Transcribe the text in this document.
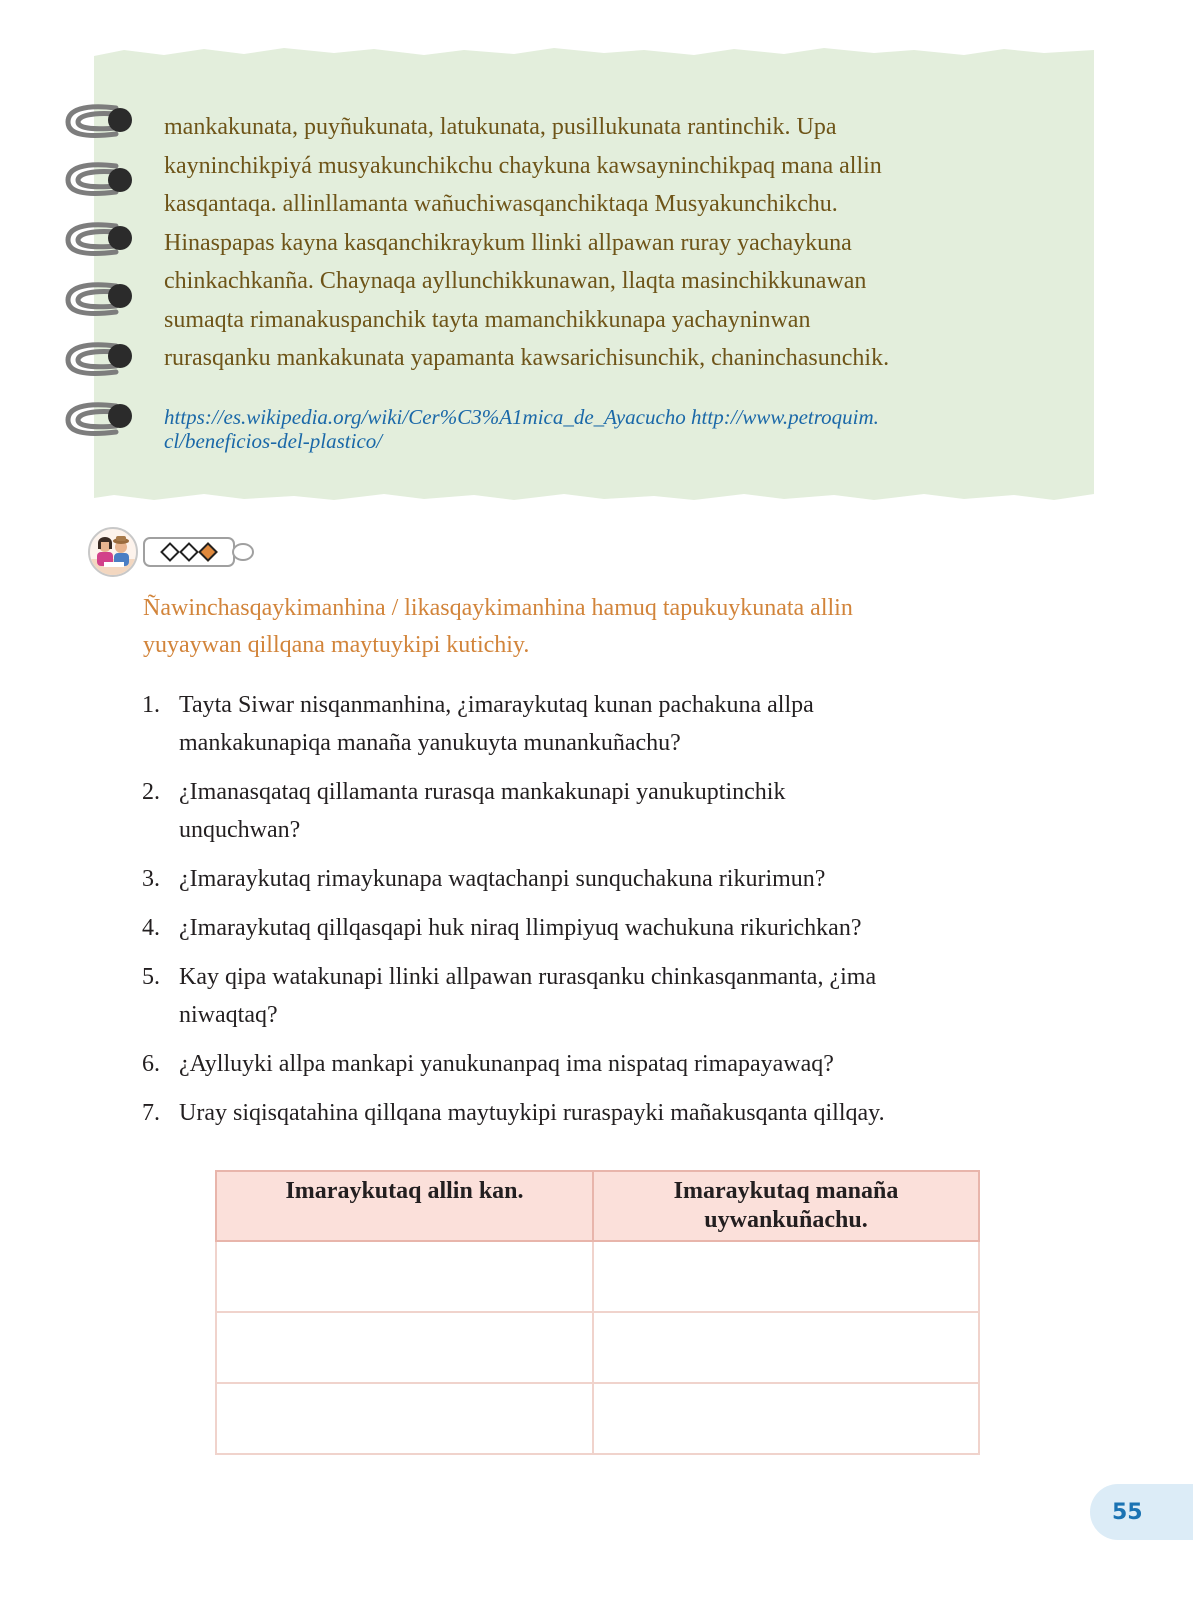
mankakunata, puyñukunata, latukunata, pusillukunata rantinchik. Upa
kayninchikpiyá musyakunchikchu chaykuna kawsayninchikpaq mana allin
kasqantaqa. allinllamanta wañuchiwasqanchiktaqa Musyakunchikchu.
Hinaspapas kayna kasqanchikraykum llinki allpawan ruray yachaykuna
chinkachkanña. Chaynaqa ayllunchikkunawan, llaqta masinchikkunawan
sumaqta rimanakuspanchik tayta mamanchikkunapa yachayninwan
rurasqanku mankakunata yapamanta kawsarichisunchik, chaninchasunchik.
https://es.wikipedia.org/wiki/Cer%C3%A1mica_de_Ayacucho http://www.petroquim.
cl/beneficios-del-plastico/
Ñawinchasqaykimanhina / likasqaykimanhina hamuq tapukuykunata allin
yuyaywan qillqana maytuykipi kutichiy.
1. Tayta Siwar nisqanmanhina, ¿imaraykutaq kunan pachakuna allpa
mankakunapiqa manaña yanukuyta munankuñachu?
2. ¿Imanasqataq qillamanta rurasqa mankakunapi yanukuptinchik
unquchwan?
3. ¿Imaraykutaq rimaykunapa waqtachanpi sunquchakuna rikurimun?
4. ¿Imaraykutaq qillqasqapi huk niraq llimpiyuq wachukuna rikurichkan?
5. Kay qipa watakunapi llinki allpawan rurasqanku chinkasqanmanta, ¿ima
niwaqtaq?
6. ¿Aylluyki allpa mankapi yanukunanpaq ima nispataq rimapayawaq?
7. Uray siqisqatahina qillqana maytuykipi ruraspayki mañakusqanta qillqay.
Imaraykutaq allin kan.	Imaraykutaq manaña
uywankuñachu.

55
